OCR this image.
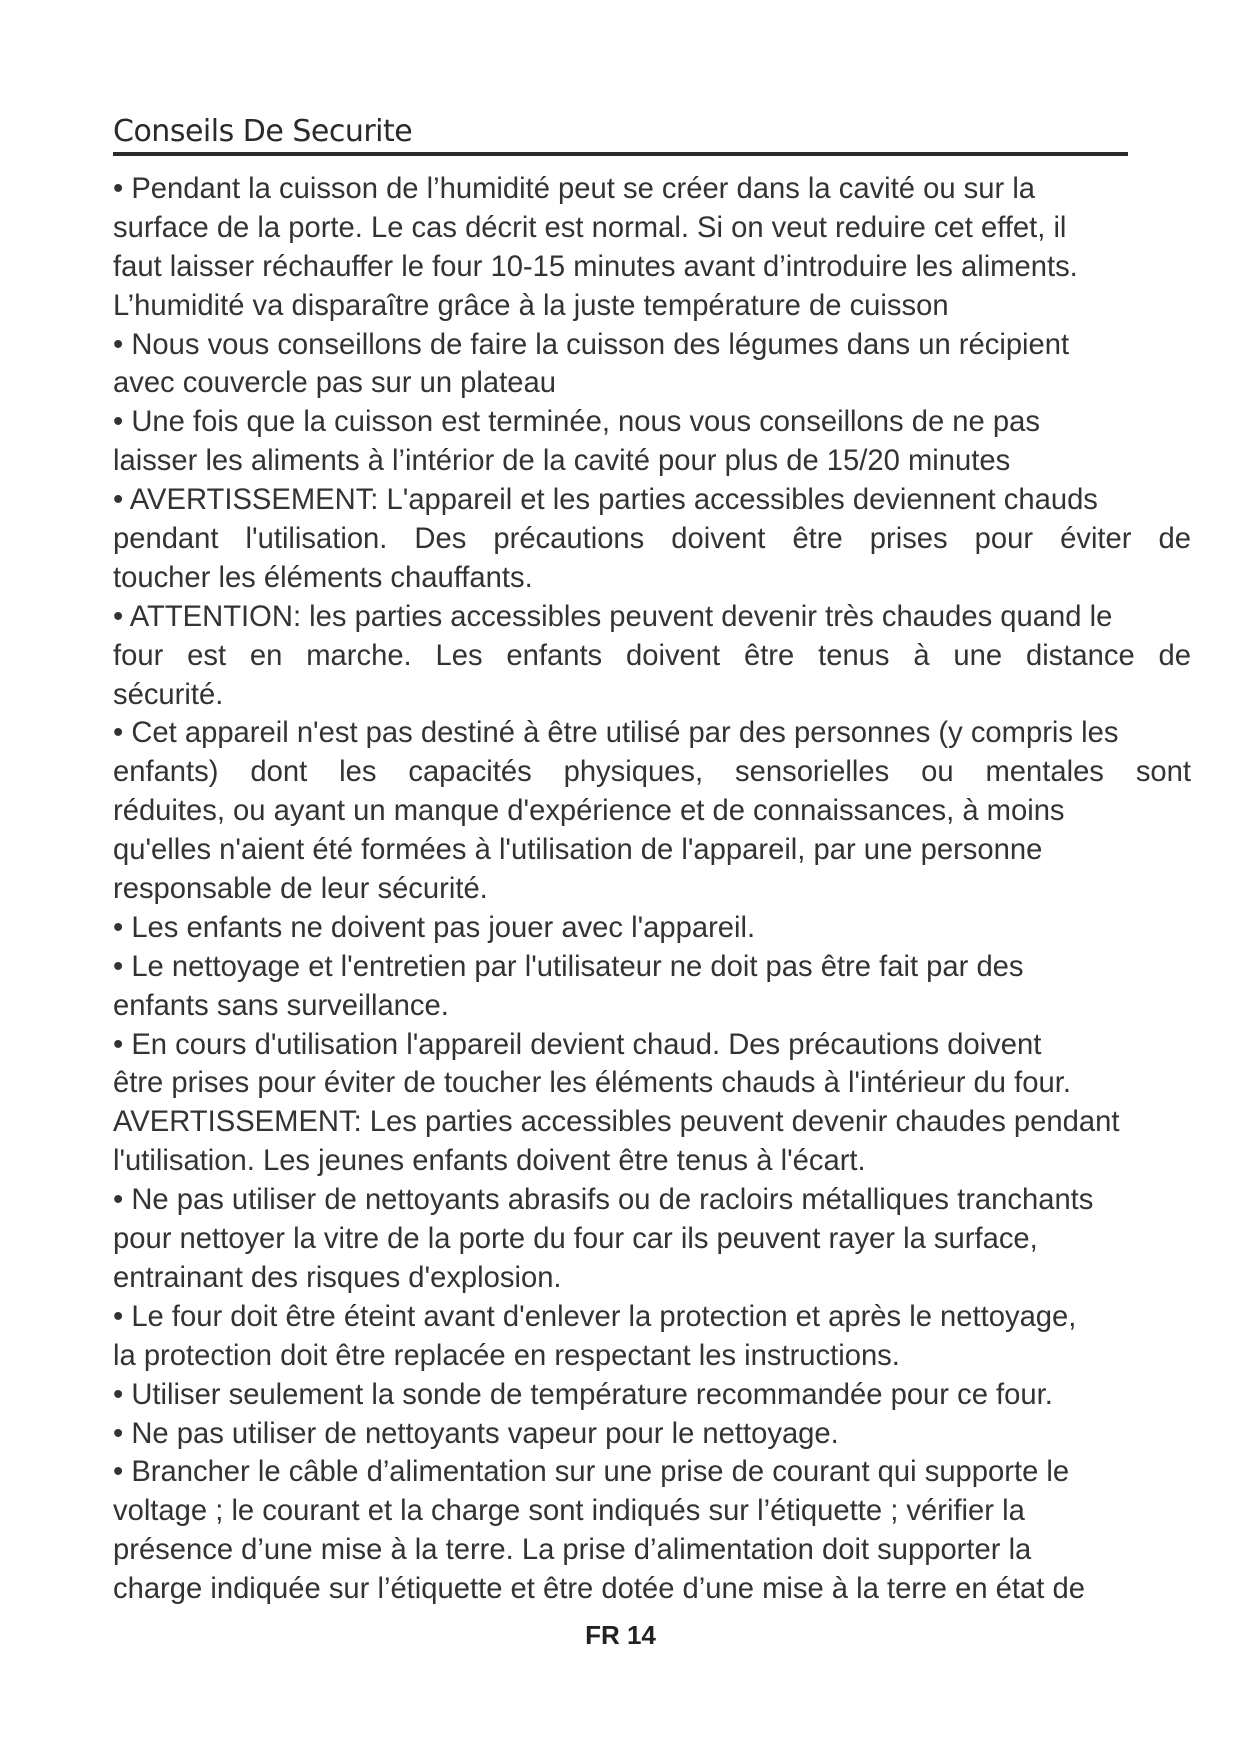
Conseils De Securite
• Pendant la cuisson de l’humidité peut se créer dans la cavité ou sur la
surface de la porte. Le cas décrit est normal. Si on veut reduire cet effet, il
faut laisser réchauffer le four 10-15 minutes avant d’introduire les aliments.
L’humidité va disparaître grâce à la juste température de cuisson
• Nous vous conseillons de faire la cuisson des légumes dans un récipient
avec couvercle pas sur un plateau
• Une fois que la cuisson est terminée, nous vous conseillons de ne pas
laisser les aliments à l’intérior de la cavité pour plus de 15/20 minutes
• AVERTISSEMENT: L'appareil et les parties accessibles deviennent chauds
pendant l'utilisation. Des précautions doivent être prises pour éviter de
toucher les éléments chauffants.
• ATTENTION: les parties accessibles peuvent devenir très chaudes quand le
four est en marche. Les enfants doivent être tenus à une distance de
sécurité.
• Cet appareil n'est pas destiné à être utilisé par des personnes (y compris les
enfants) dont les capacités physiques, sensorielles ou mentales sont
réduites, ou ayant un manque d'expérience et de connaissances, à moins
qu'elles n'aient été formées à l'utilisation de l'appareil, par une personne
responsable de leur sécurité.
• Les enfants ne doivent pas jouer avec l'appareil.
• Le nettoyage et l'entretien par l'utilisateur ne doit pas être fait par des
enfants sans surveillance.
• En cours d'utilisation l'appareil devient chaud. Des précautions doivent
être prises pour éviter de toucher les éléments chauds à l'intérieur du four.
AVERTISSEMENT: Les parties accessibles peuvent devenir chaudes pendant
l'utilisation. Les jeunes enfants doivent être tenus à l'écart.
• Ne pas utiliser de nettoyants abrasifs ou de racloirs métalliques tranchants
pour nettoyer la vitre de la porte du four car ils peuvent rayer la surface,
entrainant des risques d'explosion.
• Le four doit être éteint avant d'enlever la protection et après le nettoyage,
la protection doit être replacée en respectant les instructions.
• Utiliser seulement la sonde de température recommandée pour ce four.
• Ne pas utiliser de nettoyants vapeur pour le nettoyage.
• Brancher le câble d’alimentation sur une prise de courant qui supporte le
voltage ; le courant et la charge sont indiqués sur l’étiquette ; vérifier la
présence d’une mise à la terre. La prise d’alimentation doit supporter la
charge indiquée sur l’étiquette et être dotée d’une mise à la terre en état de
FR 14
